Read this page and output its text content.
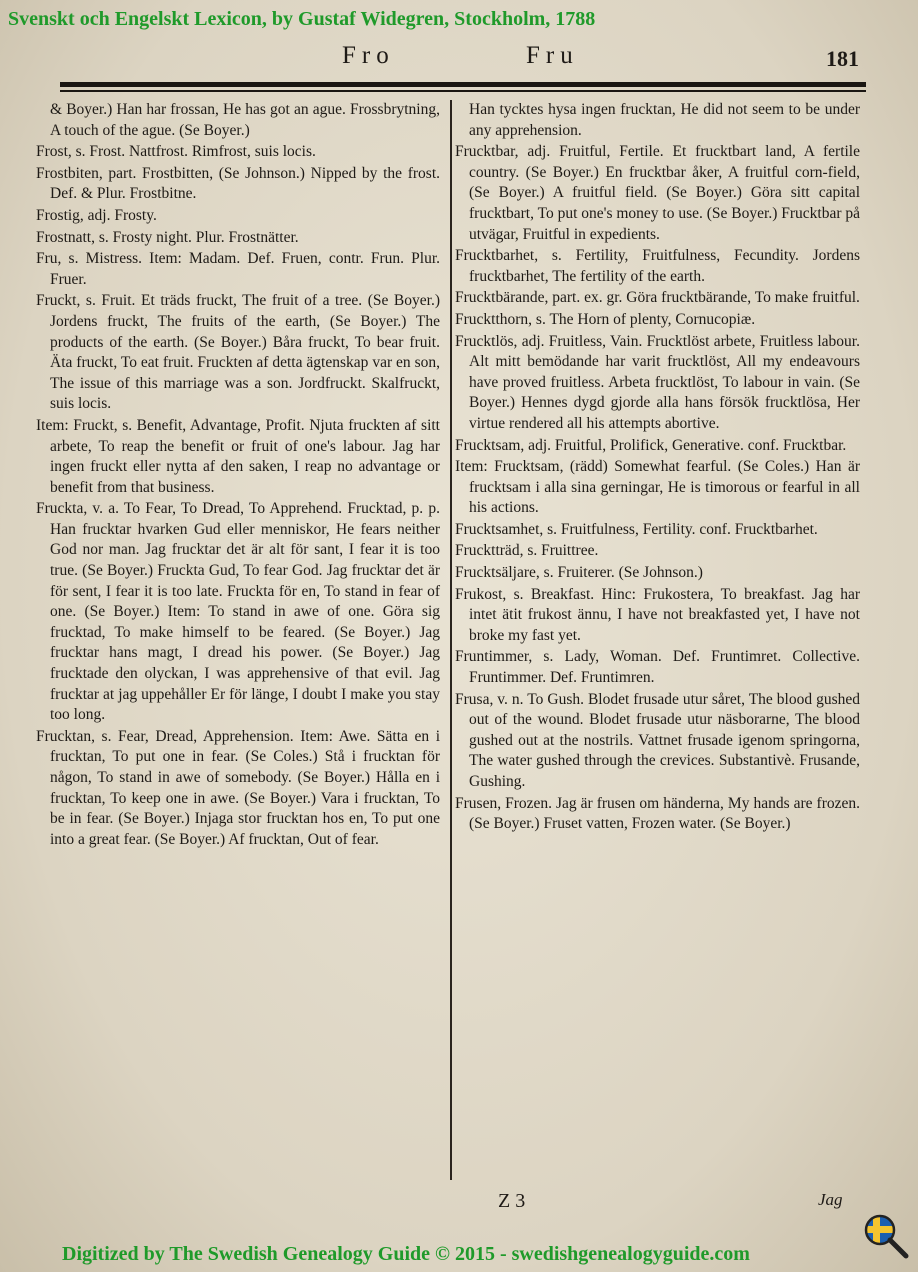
Svenskt och Engelskt Lexicon, by Gustaf Widegren, Stockholm, 1788
Fro	Fru	181

& Boyer.) Han har frossan, He has got an ague. Frossbrytning, A touch of the ague. (Se Boyer.)

Frost, s. Frost. Nattfrost. Rimfrost, suis locis.

Frostbiten, part. Frostbitten, (Se Johnson.) Nipped by the frost. Def. & Plur. Frostbitne.

Frostig, adj. Frosty.

Frostnatt, s. Frosty night. Plur. Frostnätter.

Fru, s. Mistress. Item: Madam. Def. Fruen, contr. Frun. Plur. Fruer.

Fruckt, s. Fruit. Et träds fruckt, The fruit of a tree. (Se Boyer.) Jordens fruckt, The fruits of the earth, (Se Boyer.) The products of the earth. (Se Boyer.) Båra fruckt, To bear fruit. Äta fruckt, To eat fruit. Fruckten af detta ägtenskap var en son, The issue of this marriage was a son. Jordfruckt. Skalfruckt, suis locis.

Item: Fruckt, s. Benefit, Advantage, Profit. Njuta fruckten af sitt arbete, To reap the benefit or fruit of one's labour. Jag har ingen fruckt eller nytta af den saken, I reap no advantage or benefit from that business.

Fruckta, v. a. To Fear, To Dread, To Apprehend. Frucktad, p. p. Han frucktar hvarken Gud eller menniskor, He fears neither God nor man. Jag frucktar det är alt för sant, I fear it is too true. (Se Boyer.) Fruckta Gud, To fear God. Jag frucktar det är för sent, I fear it is too late. Fruckta för en, To stand in fear of one. (Se Boyer.) Item: To stand in awe of one. Göra sig frucktad, To make himself to be feared. (Se Boyer.) Jag frucktar hans magt, I dread his power. (Se Boyer.) Jag frucktade den olyckan, I was apprehensive of that evil. Jag frucktar at jag uppehåller Er för länge, I doubt I make you stay too long.

Frucktan, s. Fear, Dread, Apprehension. Item: Awe. Sätta en i frucktan, To put one in fear. (Se Coles.) Stå i frucktan för någon, To stand in awe of somebody. (Se Boyer.) Hålla en i frucktan, To keep one in awe. (Se Boyer.) Vara i frucktan, To be in fear. (Se Boyer.) Injaga stor frucktan hos en, To put one into a great fear. (Se Boyer.) Af frucktan, Out of fear.

Han tycktes hysa ingen frucktan, He did not seem to be under any apprehension.

Frucktbar, adj. Fruitful, Fertile. Et frucktbart land, A fertile country. (Se Boyer.) En frucktbar åker, A fruitful corn-field, (Se Boyer.) A fruitful field. (Se Boyer.) Göra sitt capital frucktbart, To put one's money to use. (Se Boyer.) Frucktbar på utvägar, Fruitful in expedients.

Frucktbarhet, s. Fertility, Fruitfulness, Fecundity. Jordens frucktbarhet, The fertility of the earth.

Frucktbärande, part. ex. gr. Göra frucktbärande, To make fruitful.

Frucktthorn, s. The Horn of plenty, Cornucopiæ.

Frucktlös, adj. Fruitless, Vain. Frucktlöst arbete, Fruitless labour. Alt mitt bemödande har varit frucktlöst, All my endeavours have proved fruitless. Arbeta frucktlöst, To labour in vain. (Se Boyer.) Hennes dygd gjorde alla hans försök frucktlösa, Her virtue rendered all his attempts abortive.

Frucktsam, adj. Fruitful, Prolifick, Generative. conf. Frucktbar.

Item: Frucktsam, (rädd) Somewhat fearful. (Se Coles.) Han är frucktsam i alla sina gerningar, He is timorous or fearful in all his actions.

Frucktsamhet, s. Fruitfulness, Fertility. conf. Frucktbarhet.

Frucktträd, s. Fruittree.

Frucktsäljare, s. Fruiterer. (Se Johnson.)

Frukost, s. Breakfast. Hinc: Frukostera, To breakfast. Jag har intet ätit frukost ännu, I have not breakfasted yet, I have not broke my fast yet.

Fruntimmer, s. Lady, Woman. Def. Fruntimret. Collective. Fruntimmer. Def. Fruntimren.

Frusa, v. n. To Gush. Blodet frusade utur såret, The blood gushed out of the wound. Blodet frusade utur näsborarne, The blood gushed out at the nostrils. Vattnet frusade igenom springorna, The water gushed through the crevices. Substantivè. Frusande, Gushing.

Frusen, Frozen. Jag är frusen om händerna, My hands are frozen. (Se Boyer.) Fruset vatten, Frozen water. (Se Boyer.)

Z 3	Jag
Digitized by The Swedish Genealogy Guide © 2015 - swedishgenealogyguide.com
